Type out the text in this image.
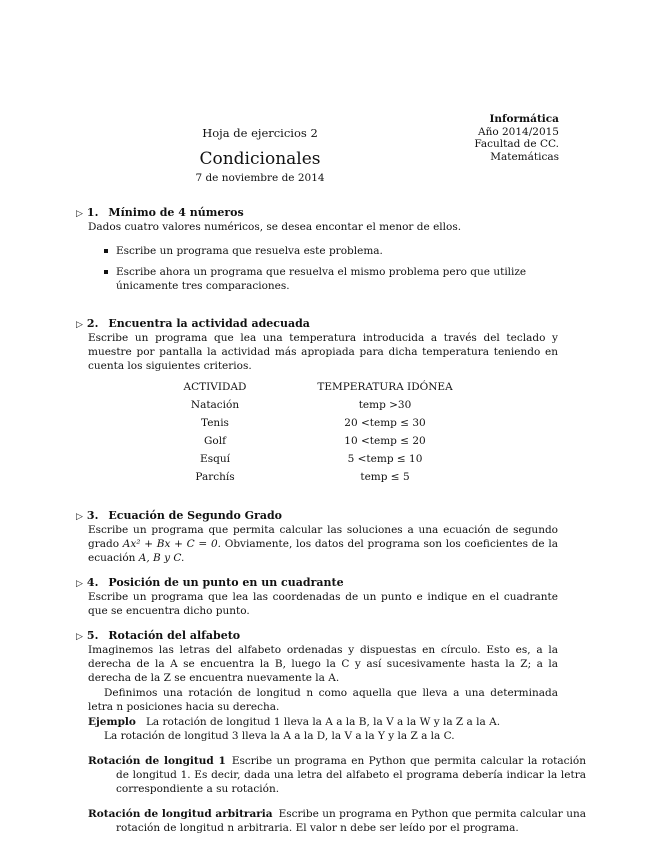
Informática
Año 2014/2015
Facultad de CC.
Matemáticas
Hoja de ejercicios 2
Condicionales
7 de noviembre de 2014
▷ 1. Mínimo de 4 números
Dados cuatro valores numéricos, se desea encontar el menor de ellos.
Escribe un programa que resuelva este problema.
Escribe ahora un programa que resuelva el mismo problema pero que utilize únicamente tres comparaciones.
▷ 2. Encuentra la actividad adecuada
Escribe un programa que lea una temperatura introducida a través del teclado y muestre por pantalla la actividad más apropiada para dicha temperatura teniendo en cuenta los siguientes criterios.
ACTIVIDAD	TEMPERATURA IDÓNEA
Natación	temp >30
Tenis	20 <temp ≤ 30
Golf	10 <temp ≤ 20
Esquí	5 <temp ≤ 10
Parchís	temp ≤ 5
▷ 3. Ecuación de Segundo Grado
Escribe un programa que permita calcular las soluciones a una ecuación de segundo grado Ax² + Bx + C = 0. Obviamente, los datos del programa son los coeficientes de la ecuación A, B y C.
▷ 4. Posición de un punto en un cuadrante
Escribe un programa que lea las coordenadas de un punto e indique en el cuadrante que se encuentra dicho punto.
▷ 5. Rotación del alfabeto
Imaginemos las letras del alfabeto ordenadas y dispuestas en círculo. Esto es, a la derecha de la A se encuentra la B, luego la C y así sucesivamente hasta la Z; a la derecha de la Z se encuentra nuevamente la A.
Definimos una rotación de longitud n como aquella que lleva a una determinada letra n posiciones hacia su derecha.
Ejemplo La rotación de longitud 1 lleva la A a la B, la V a la W y la Z a la A.
La rotación de longitud 3 lleva la A a la D, la V a la Y y la Z a la C.
Rotación de longitud 1 Escribe un programa en Python que permita calcular la rotación de longitud 1. Es decir, dada una letra del alfabeto el programa debería indicar la letra correspondiente a su rotación.
Rotación de longitud arbitraria Escribe un programa en Python que permita calcular una rotación de longitud n arbitraria. El valor n debe ser leído por el programa.
